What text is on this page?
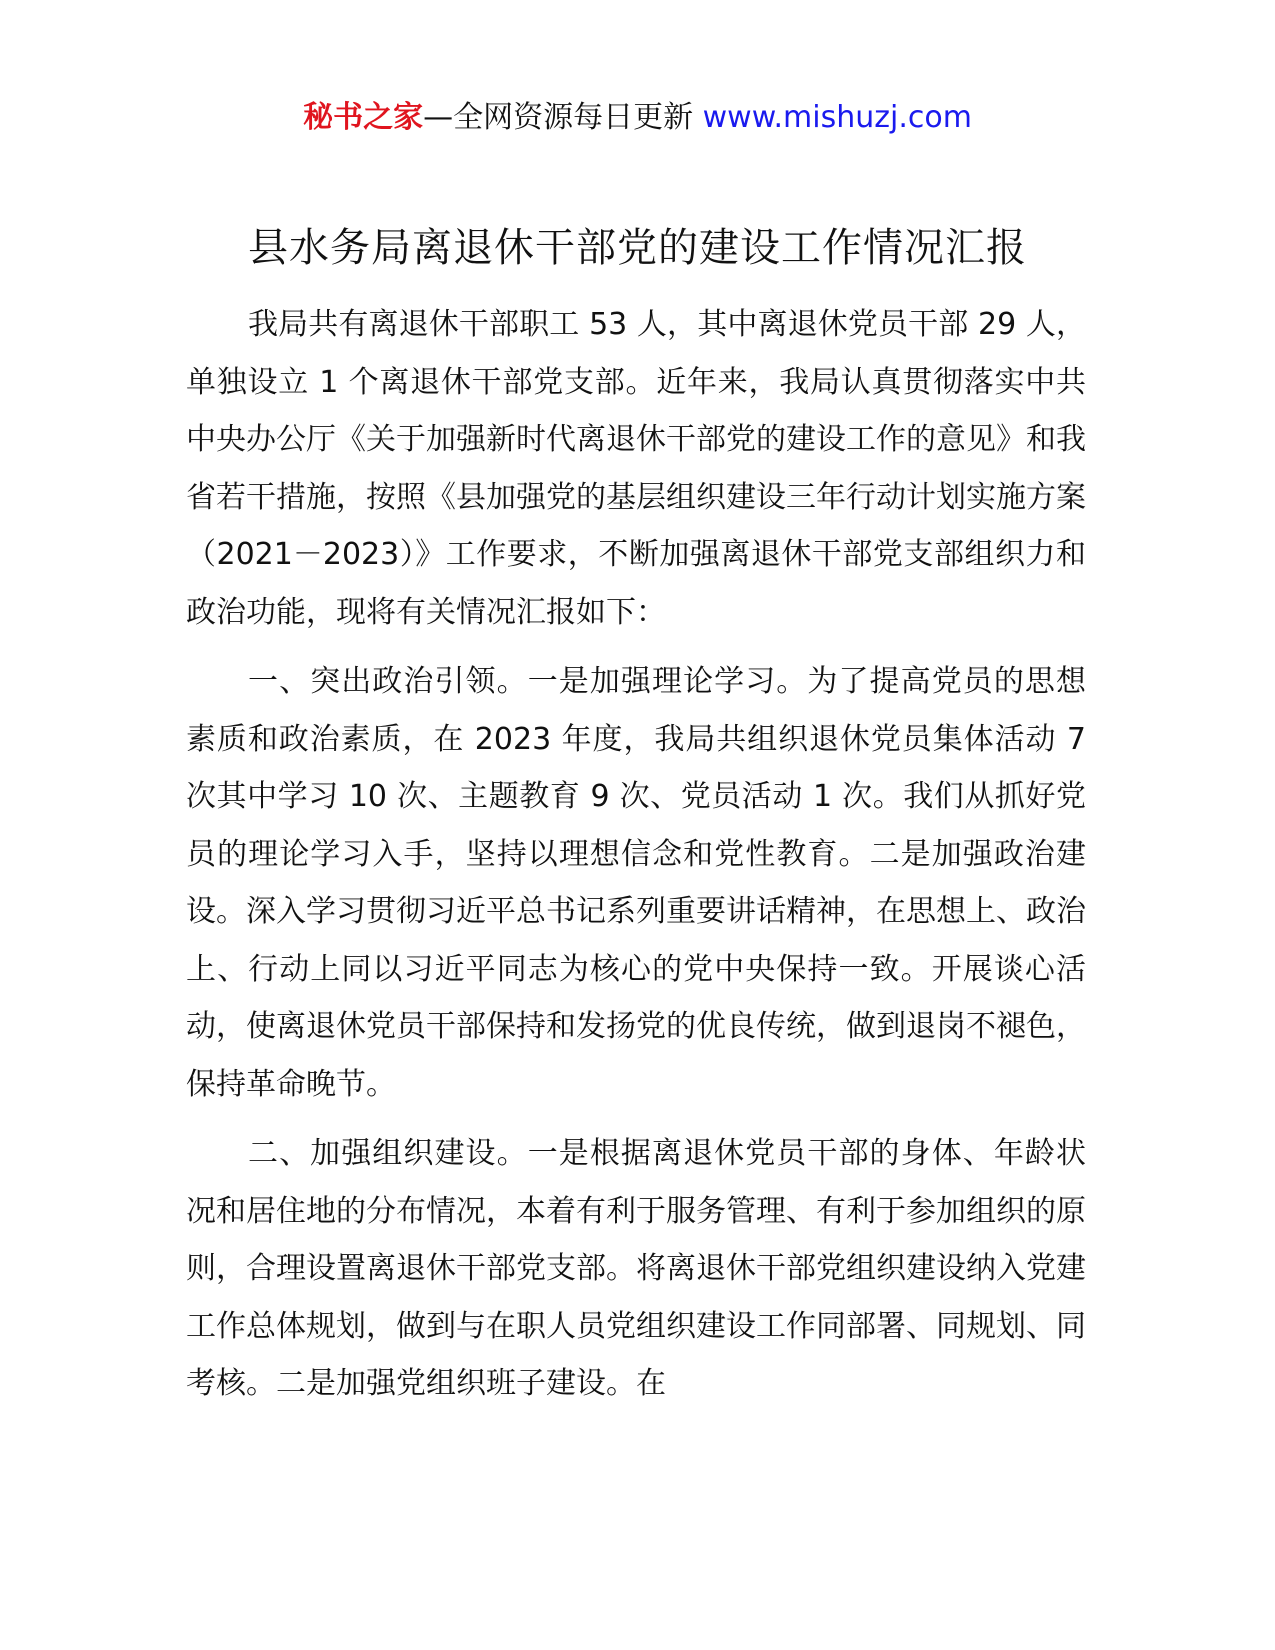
秘书之家—全网资源每日更新 www.mishuzj.com
县水务局离退休干部党的建设工作情况汇报

我局共有离退休干部职工 53 人，其中离退休党员干部 29 人，单独设立 1 个离退休干部党支部。近年来，我局认真贯彻落实中共中央办公厅《关于加强新时代离退休干部党的建设工作的意见》和我省若干措施，按照《县加强党的基层组织建设三年行动计划实施方案（2021－2023）》工作要求，不断加强离退休干部党支部组织力和政治功能，现将有关情况汇报如下：

一、突出政治引领。一是加强理论学习。为了提高党员的思想素质和政治素质，在 2023 年度，我局共组织退休党员集体活动 7 次其中学习 10 次、主题教育 9 次、党员活动 1 次。我们从抓好党员的理论学习入手，坚持以理想信念和党性教育。二是加强政治建设。深入学习贯彻习近平总书记系列重要讲话精神，在思想上、政治上、行动上同以习近平同志为核心的党中央保持一致。开展谈心活动，使离退休党员干部保持和发扬党的优良传统，做到退岗不褪色，保持革命晚节。

二、加强组织建设。一是根据离退休党员干部的身体、年龄状况和居住地的分布情况，本着有利于服务管理、有利于参加组织的原则，合理设置离退休干部党支部。将离退休干部党组织建设纳入党建工作总体规划，做到与在职人员党组织建设工作同部署、同规划、同考核。二是加强党组织班子建设。在
